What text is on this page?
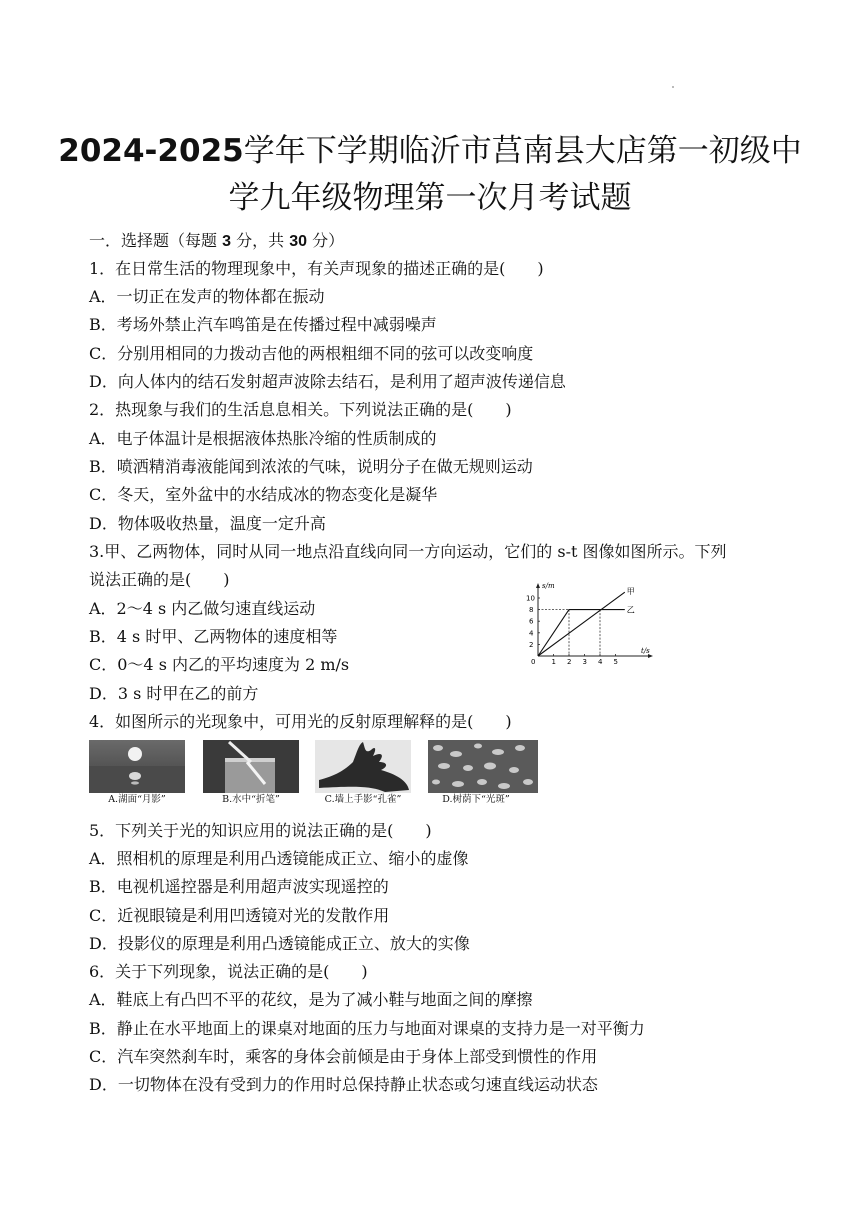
2024-2025学年下学期临沂市莒南县大店第一初级中
学九年级物理第一次月考试题
一．选择题（每题 3 分，共 30 分）
1．在日常生活的物理现象中，有关声现象的描述正确的是(　　)
A．一切正在发声的物体都在振动
B．考场外禁止汽车鸣笛是在传播过程中减弱噪声
C．分别用相同的力拨动吉他的两根粗细不同的弦可以改变响度
D．向人体内的结石发射超声波除去结石，是利用了超声波传递信息
2．热现象与我们的生活息息相关。下列说法正确的是(　　)
A．电子体温计是根据液体热胀冷缩的性质制成的
B．喷洒精消毒液能闻到浓浓的气味，说明分子在做无规则运动
C．冬天，室外盆中的水结成冰的物态变化是凝华
D．物体吸收热量，温度一定升高
3.甲、乙两物体，同时从同一地点沿直线向同一方向运动，它们的 s-t 图像如图所示。下列
说法正确的是(　　)
A．2～4 s 内乙做匀速直线运动
B．4 s 时甲、乙两物体的速度相等
C．0～4 s 内乙的平均速度为 2 m/s
D．3 s 时甲在乙的前方
s/m
t/s
0 1 2 3 4 5
2
4
6
8
10
甲
乙
4．如图所示的光现象中，可用光的反射原理解释的是(　　)
A.湖面“月影”	B.水中“折笔”	C.墙上手影“孔雀”	D.树荫下“光斑”
5．下列关于光的知识应用的说法正确的是(　　)
A．照相机的原理是利用凸透镜能成正立、缩小的虚像
B．电视机遥控器是利用超声波实现遥控的
C．近视眼镜是利用凹透镜对光的发散作用
D．投影仪的原理是利用凸透镜能成正立、放大的实像
6．关于下列现象，说法正确的是(　　)
A．鞋底上有凸凹不平的花纹，是为了减小鞋与地面之间的摩擦
B．静止在水平地面上的课桌对地面的压力与地面对课桌的支持力是一对平衡力
C．汽车突然刹车时，乘客的身体会前倾是由于身体上部受到惯性的作用
D．一切物体在没有受到力的作用时总保持静止状态或匀速直线运动状态
